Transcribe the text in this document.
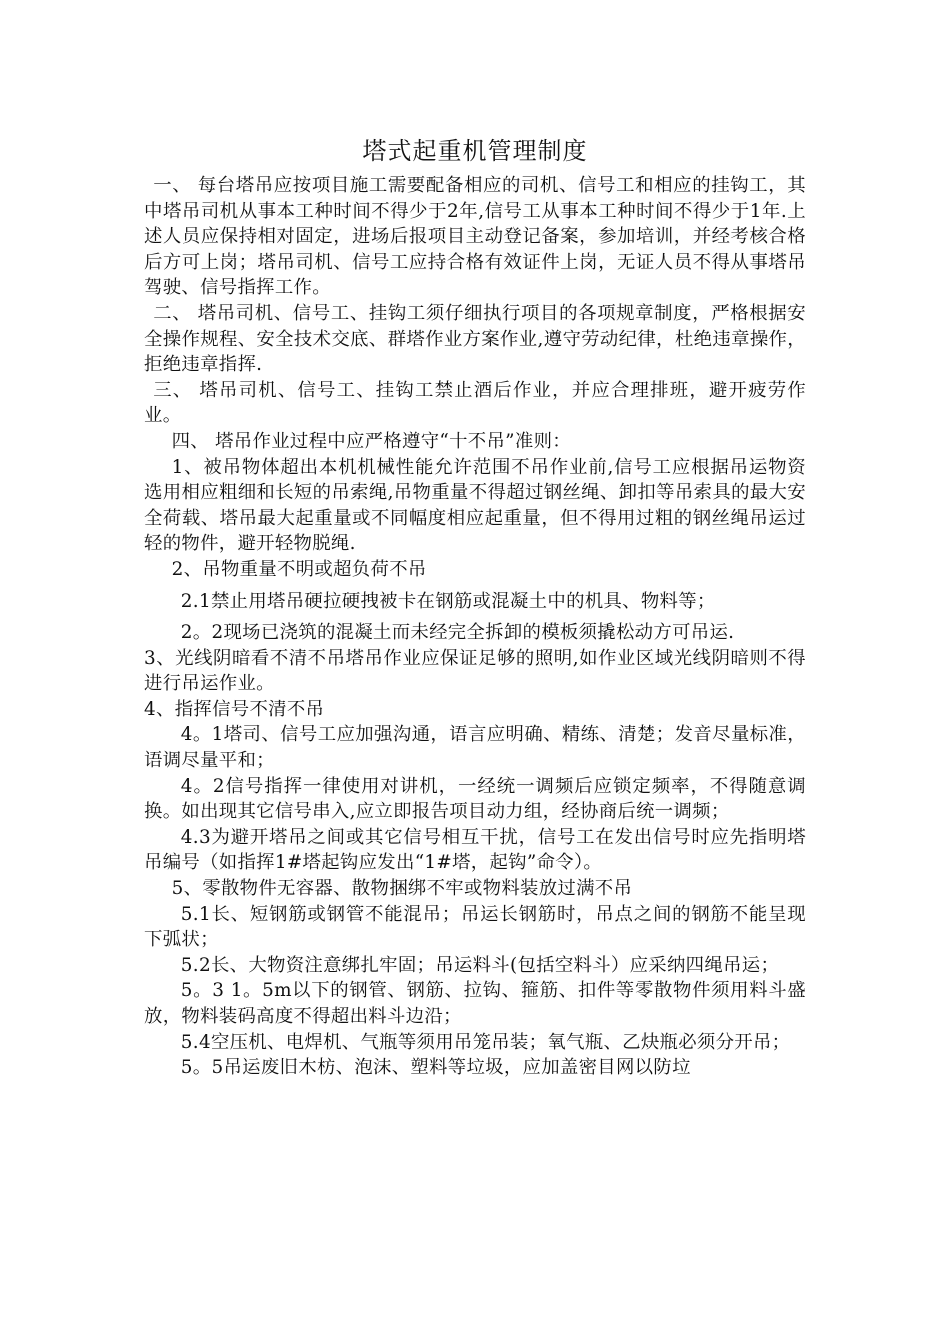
塔式起重机管理制度

一、 每台塔吊应按项目施工需要配备相应的司机、信号工和相应的挂钩工，其中塔吊司机从事本工种时间不得少于2年,信号工从事本工种时间不得少于1年.上述人员应保持相对固定，进场后报项目主动登记备案，参加培训，并经考核合格后方可上岗；塔吊司机、信号工应持合格有效证件上岗，无证人员不得从事塔吊驾驶、信号指挥工作。

二、 塔吊司机、信号工、挂钩工须仔细执行项目的各项规章制度，严格根据安全操作规程、安全技术交底、群塔作业方案作业,遵守劳动纪律，杜绝违章操作，拒绝违章指挥.

三、 塔吊司机、信号工、挂钩工禁止酒后作业，并应合理排班，避开疲劳作业。

四、 塔吊作业过程中应严格遵守“十不吊”准则：

1、被吊物体超出本机机械性能允许范围不吊作业前,信号工应根据吊运物资选用相应粗细和长短的吊索绳,吊物重量不得超过钢丝绳、卸扣等吊索具的最大安全荷载、塔吊最大起重量或不同幅度相应起重量，但不得用过粗的钢丝绳吊运过轻的物件，避开轻物脱绳.

2、吊物重量不明或超负荷不吊

2.1禁止用塔吊硬拉硬拽被卡在钢筋或混凝土中的机具、物料等；

2。2现场已浇筑的混凝土而未经完全拆卸的模板须撬松动方可吊运.

3、光线阴暗看不清不吊塔吊作业应保证足够的照明,如作业区域光线阴暗则不得进行吊运作业。

4、指挥信号不清不吊

4。1塔司、信号工应加强沟通，语言应明确、精练、清楚；发音尽量标准，语调尽量平和；

4。2信号指挥一律使用对讲机，一经统一调频后应锁定频率，不得随意调换。如出现其它信号串入,应立即报告项目动力组，经协商后统一调频；

4.3为避开塔吊之间或其它信号相互干扰，信号工在发出信号时应先指明塔吊编号（如指挥1#塔起钩应发出“1#塔，起钩”命令）。

5、零散物件无容器、散物捆绑不牢或物料装放过满不吊

5.1长、短钢筋或钢管不能混吊；吊运长钢筋时，吊点之间的钢筋不能呈现下弧状；

5.2长、大物资注意绑扎牢固；吊运料斗(包括空料斗）应采纳四绳吊运；

5。3 1。5m以下的钢管、钢筋、拉钩、箍筋、扣件等零散物件须用料斗盛放，物料装码高度不得超出料斗边沿；

5.4空压机、电焊机、气瓶等须用吊笼吊装；氧气瓶、乙炔瓶必须分开吊；

5。5吊运废旧木枋、泡沫、塑料等垃圾，应加盖密目网以防垃
